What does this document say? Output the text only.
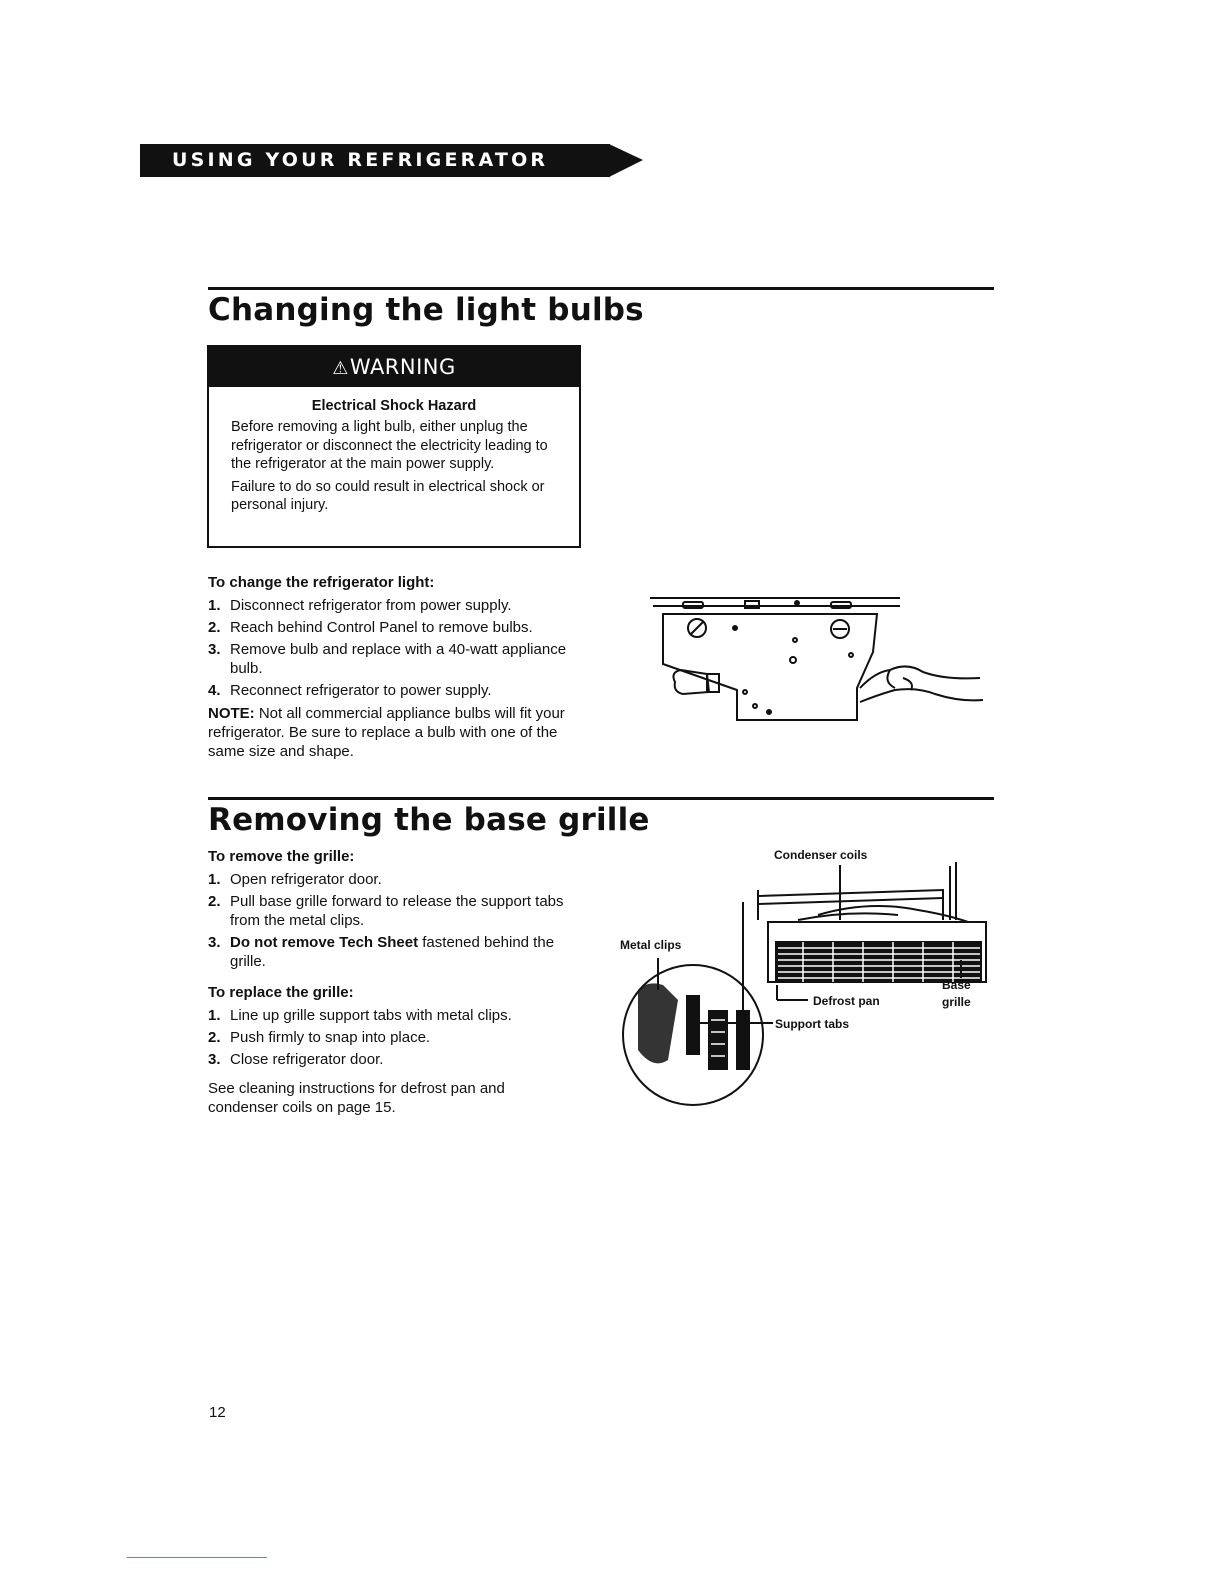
USING YOUR REFRIGERATOR
Changing the light bulbs
⚠WARNING
Electrical Shock Hazard

Before removing a light bulb, either unplug the refrigerator or disconnect the electricity leading to the refrigerator at the main power supply.

Failure to do so could result in electrical shock or personal injury.

To change the refrigerator light:

1. Disconnect refrigerator from power supply.
2. Reach behind Control Panel to remove bulbs.
3. Remove bulb and replace with a 40-watt appliance bulb.
4. Reconnect refrigerator to power supply.

NOTE: Not all commercial appliance bulbs will fit your refrigerator. Be sure to replace a bulb with one of the same size and shape.

Removing the base grille

To remove the grille:

1. Open refrigerator door.
2. Pull base grille forward to release the support tabs from the metal clips.
3. Do not remove Tech Sheet fastened behind the grille.

To replace the grille:

1. Line up grille support tabs with metal clips.
2. Push firmly to snap into place.
3. Close refrigerator door.

See cleaning instructions for defrost pan and condenser coils on page 15.

Condenser coils
Metal clips
Base
grille
Defrost pan
Support tabs
12
